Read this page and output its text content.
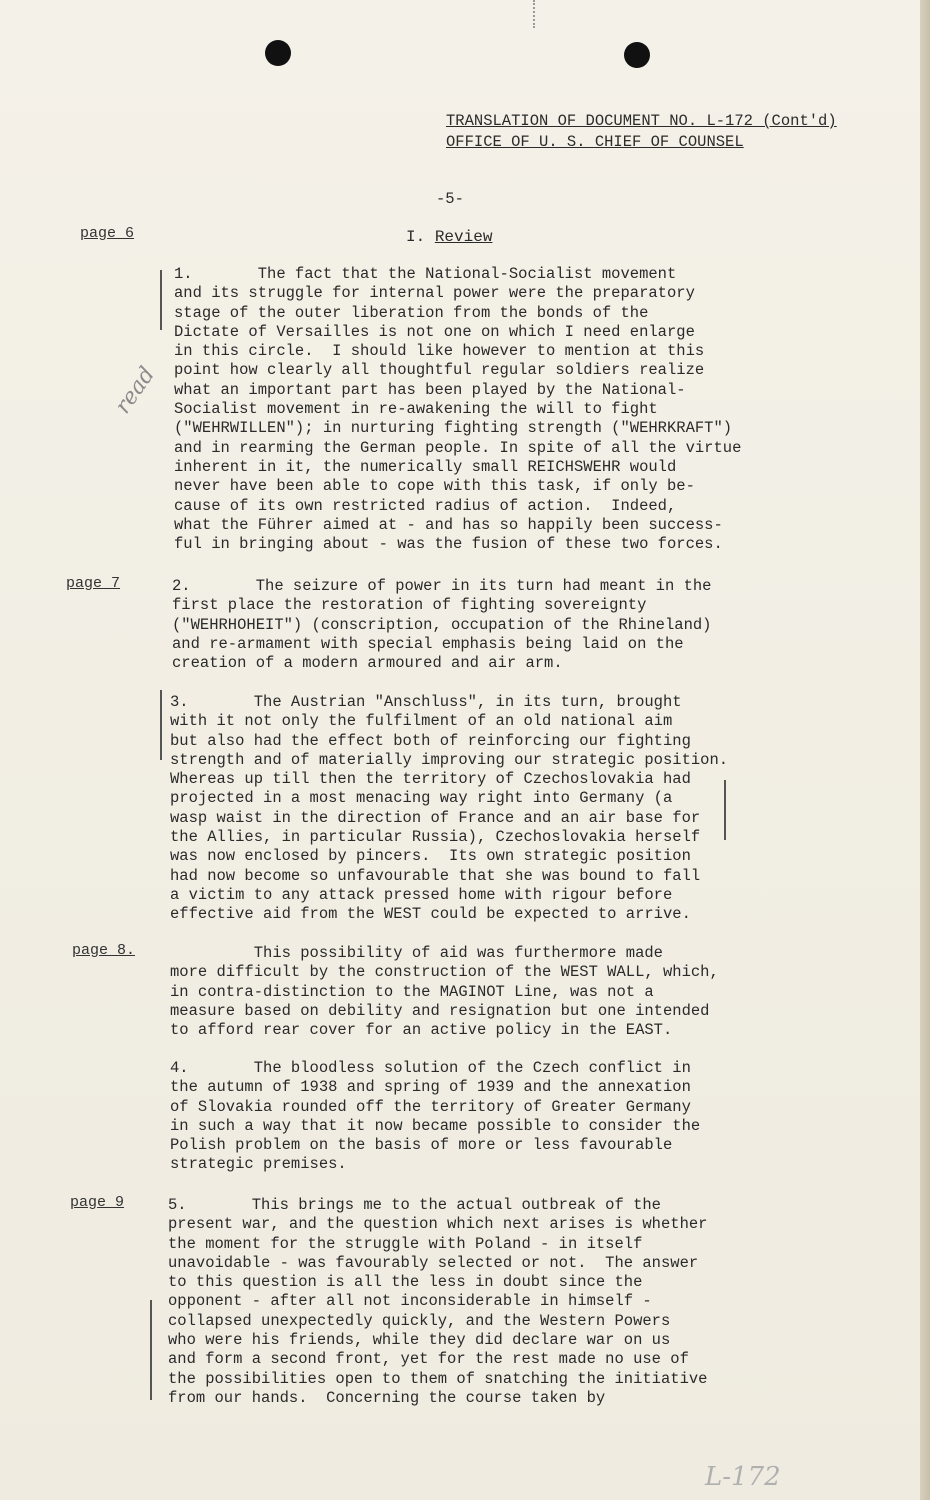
TRANSLATION OF DOCUMENT NO. L-172 (Cont'd)
OFFICE OF U. S. CHIEF OF COUNSEL
-5-
I. Review
page 6
page 7
page 8.
page 9
read
L-172
1.       The fact that the National-Socialist movement
and its struggle for internal power were the preparatory
stage of the outer liberation from the bonds of the
Dictate of Versailles is not one on which I need enlarge
in this circle.  I should like however to mention at this
point how clearly all thoughtful regular soldiers realize
what an important part has been played by the National-
Socialist movement in re-awakening the will to fight
("WEHRWILLEN"); in nurturing fighting strength ("WEHRKRAFT")
and in rearming the German people. In spite of all the virtue
inherent in it, the numerically small REICHSWEHR would
never have been able to cope with this task, if only be-
cause of its own restricted radius of action.  Indeed,
what the Führer aimed at - and has so happily been success-
ful in bringing about - was the fusion of these two forces.
2.       The seizure of power in its turn had meant in the
first place the restoration of fighting sovereignty
("WEHRHOHEIT") (conscription, occupation of the Rhineland)
and re-armament with special emphasis being laid on the
creation of a modern armoured and air arm.
3.       The Austrian "Anschluss", in its turn, brought
with it not only the fulfilment of an old national aim
but also had the effect both of reinforcing our fighting
strength and of materially improving our strategic position.
Whereas up till then the territory of Czechoslovakia had
projected in a most menacing way right into Germany (a
wasp waist in the direction of France and an air base for
the Allies, in particular Russia), Czechoslovakia herself
was now enclosed by pincers.  Its own strategic position
had now become so unfavourable that she was bound to fall
a victim to any attack pressed home with rigour before
effective aid from the WEST could be expected to arrive.
This possibility of aid was furthermore made
more difficult by the construction of the WEST WALL, which,
in contra-distinction to the MAGINOT Line, was not a
measure based on debility and resignation but one intended
to afford rear cover for an active policy in the EAST.
4.       The bloodless solution of the Czech conflict in
the autumn of 1938 and spring of 1939 and the annexation
of Slovakia rounded off the territory of Greater Germany
in such a way that it now became possible to consider the
Polish problem on the basis of more or less favourable
strategic premises.
5.       This brings me to the actual outbreak of the
present war, and the question which next arises is whether
the moment for the struggle with Poland - in itself
unavoidable - was favourably selected or not.  The answer
to this question is all the less in doubt since the
opponent - after all not inconsiderable in himself -
collapsed unexpectedly quickly, and the Western Powers
who were his friends, while they did declare war on us
and form a second front, yet for the rest made no use of
the possibilities open to them of snatching the initiative
from our hands.  Concerning the course taken by
